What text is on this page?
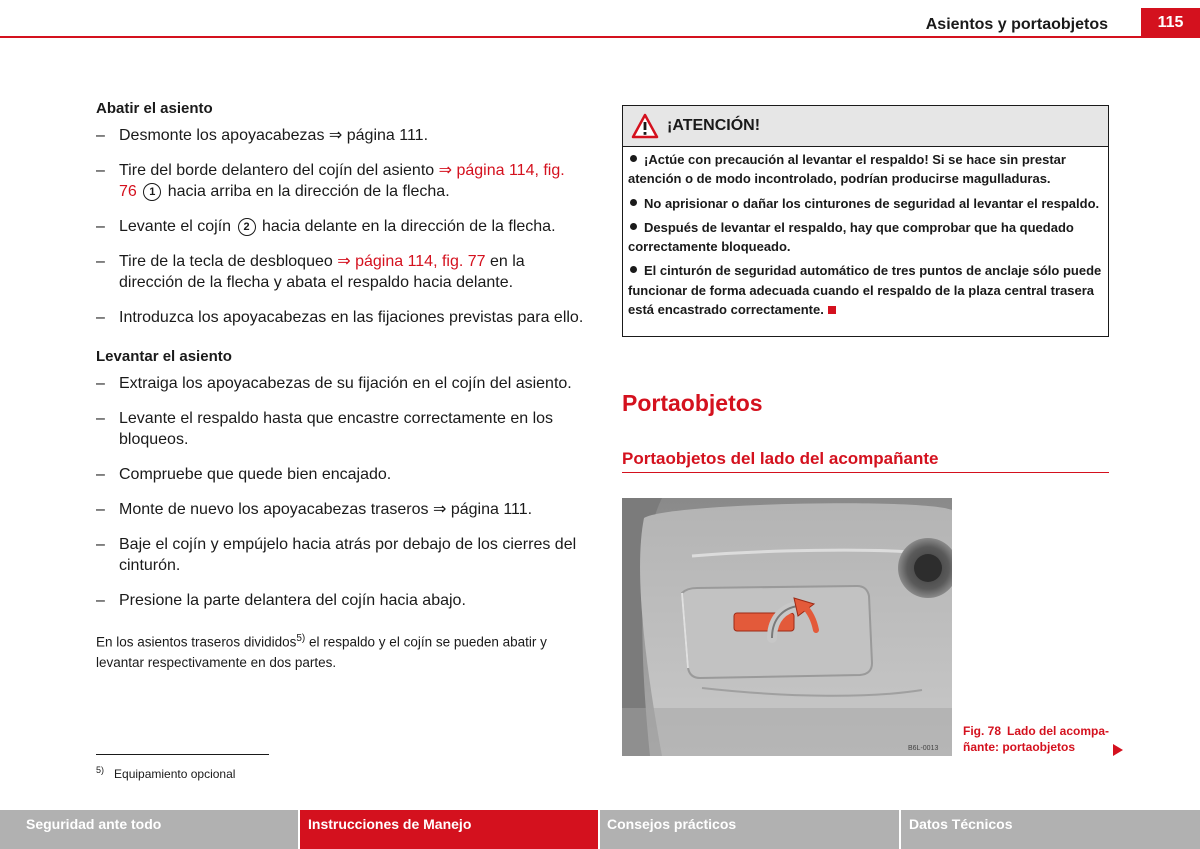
Asientos y portaobjetos	115
Abatir el asiento
– Desmonte los apoyacabezas ⇒ página 111.
– Tire del borde delantero del cojín del asiento ⇒ página 114, fig. 76 1 hacia arriba en la dirección de la flecha.
– Levante el cojín 2 hacia delante en la dirección de la flecha.
– Tire de la tecla de desbloqueo ⇒ página 114, fig. 77 en la dirección de la flecha y abata el respaldo hacia delante.
– Introduzca los apoyacabezas en las fijaciones previstas para ello.
Levantar el asiento
– Extraiga los apoyacabezas de su fijación en el cojín del asiento.
– Levante el respaldo hasta que encastre correctamente en los bloqueos.
– Compruebe que quede bien encajado.
– Monte de nuevo los apoyacabezas traseros ⇒ página 111.
– Baje el cojín y empújelo hacia atrás por debajo de los cierres del cinturón.
– Presione la parte delantera del cojín hacia abajo.
En los asientos traseros divididos$^{5)}$ el respaldo y el cojín se pueden abatir y levantar respectivamente en dos partes.
$^{5)}$ Equipamiento opcional
¡ATENCIÓN!

¡Actúe con precaución al levantar el respaldo! Si se hace sin prestar atención o de modo incontrolado, podrían producirse magulladuras.

No aprisionar o dañar los cinturones de seguridad al levantar el respaldo.

Después de levantar el respaldo, hay que comprobar que ha quedado correctamente bloqueado.

El cinturón de seguridad automático de tres puntos de anclaje sólo puede funcionar de forma adecuada cuando el respaldo de la plaza central trasera está encastrado correctamente.

Portaobjetos
Portaobjetos del lado del acompañante
B6L-0013
Fig. 78 Lado del acompa-
ñante: portaobjetos
Seguridad ante todo	Instrucciones de Manejo	Consejos prácticos	Datos Técnicos
